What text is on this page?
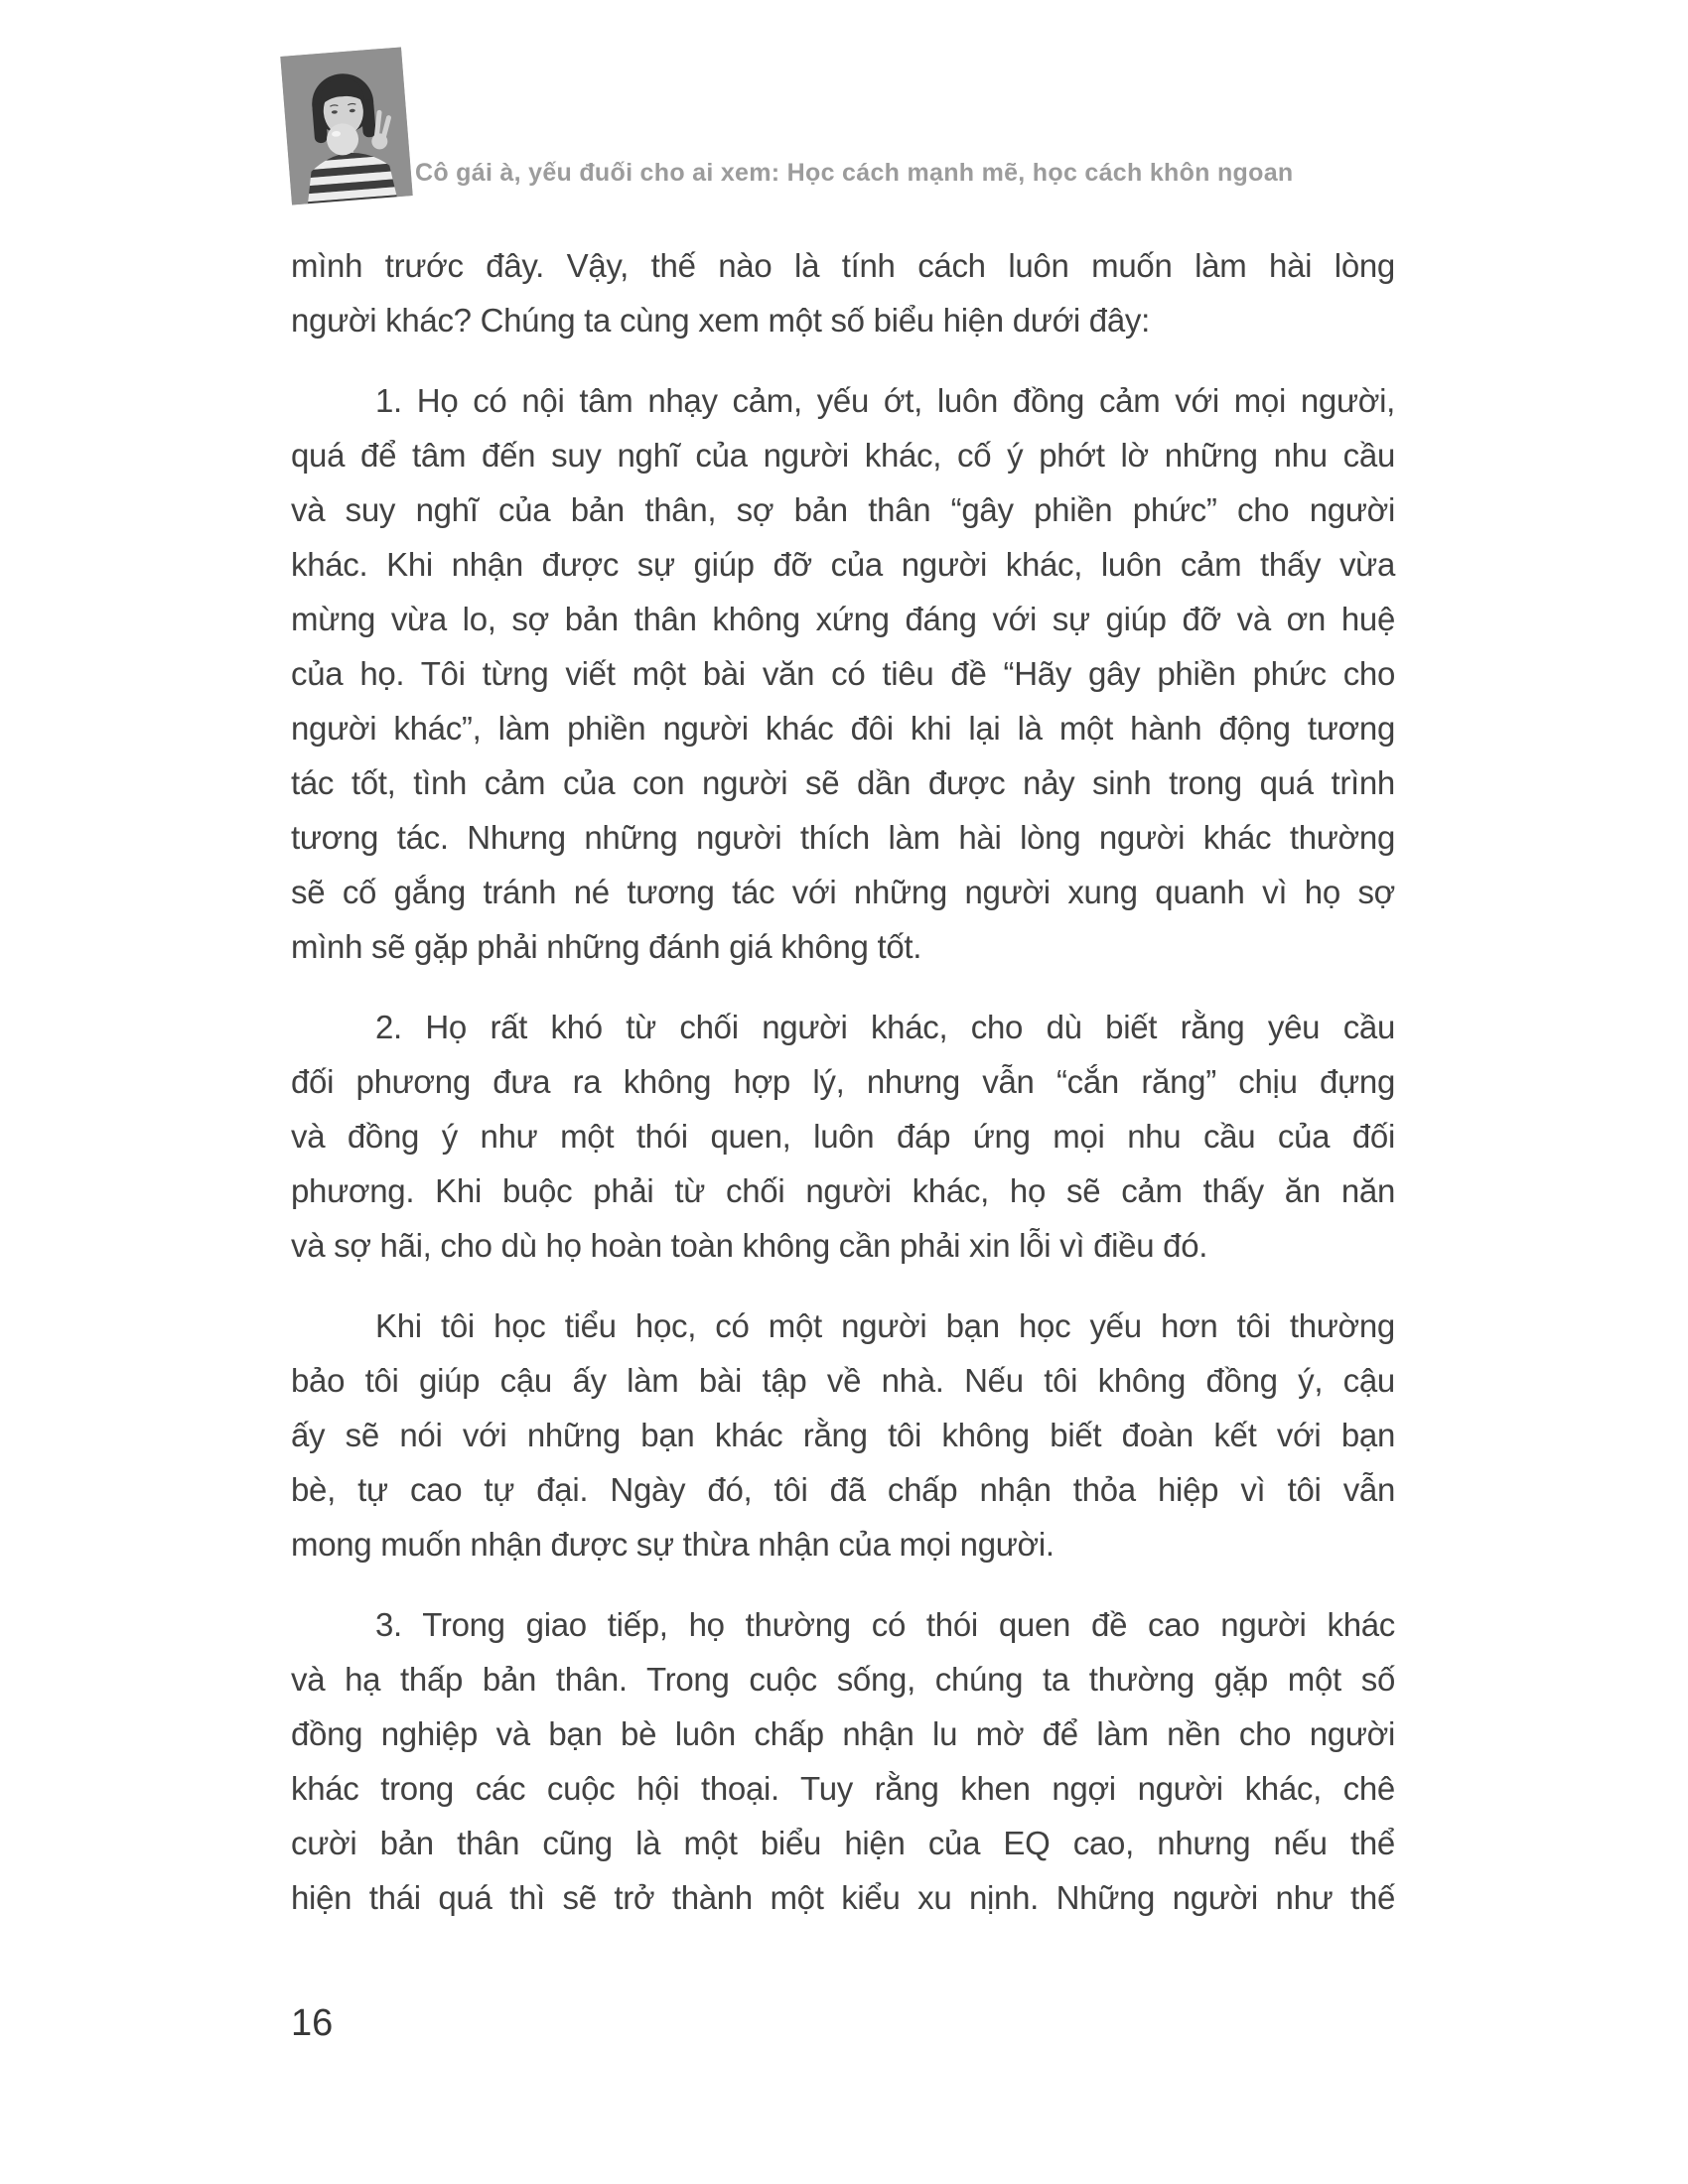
Cô gái à, yếu đuối cho ai xem: Học cách mạnh mẽ, học cách khôn ngoan
mình trước đây. Vậy, thế nào là tính cách luôn muốn làm hài lòng
người khác? Chúng ta cùng xem một số biểu hiện dưới đây:
1. Họ có nội tâm nhạy cảm, yếu ớt, luôn đồng cảm với mọi người,
quá để tâm đến suy nghĩ của người khác, cố ý phớt lờ những nhu cầu
và suy nghĩ của bản thân, sợ bản thân “gây phiền phức” cho người
khác. Khi nhận được sự giúp đỡ của người khác, luôn cảm thấy vừa
mừng vừa lo, sợ bản thân không xứng đáng với sự giúp đỡ và ơn huệ
của họ. Tôi từng viết một bài văn có tiêu đề “Hãy gây phiền phức cho
người khác”, làm phiền người khác đôi khi lại là một hành động tương
tác tốt, tình cảm của con người sẽ dần được nảy sinh trong quá trình
tương tác. Nhưng những người thích làm hài lòng người khác thường
sẽ cố gắng tránh né tương tác với những người xung quanh vì họ sợ
mình sẽ gặp phải những đánh giá không tốt.
2. Họ rất khó từ chối người khác, cho dù biết rằng yêu cầu
đối phương đưa ra không hợp lý, nhưng vẫn “cắn răng” chịu đựng
và đồng ý như một thói quen, luôn đáp ứng mọi nhu cầu của đối
phương. Khi buộc phải từ chối người khác, họ sẽ cảm thấy ăn năn
và sợ hãi, cho dù họ hoàn toàn không cần phải xin lỗi vì điều đó.
Khi tôi học tiểu học, có một người bạn học yếu hơn tôi thường
bảo tôi giúp cậu ấy làm bài tập về nhà. Nếu tôi không đồng ý, cậu
ấy sẽ nói với những bạn khác rằng tôi không biết đoàn kết với bạn
bè, tự cao tự đại. Ngày đó, tôi đã chấp nhận thỏa hiệp vì tôi vẫn
mong muốn nhận được sự thừa nhận của mọi người.
3. Trong giao tiếp, họ thường có thói quen đề cao người khác
và hạ thấp bản thân. Trong cuộc sống, chúng ta thường gặp một số
đồng nghiệp và bạn bè luôn chấp nhận lu mờ để làm nền cho người
khác trong các cuộc hội thoại. Tuy rằng khen ngợi người khác, chê
cười bản thân cũng là một biểu hiện của EQ cao, nhưng nếu thể
hiện thái quá thì sẽ trở thành một kiểu xu nịnh. Những người như thế
16
